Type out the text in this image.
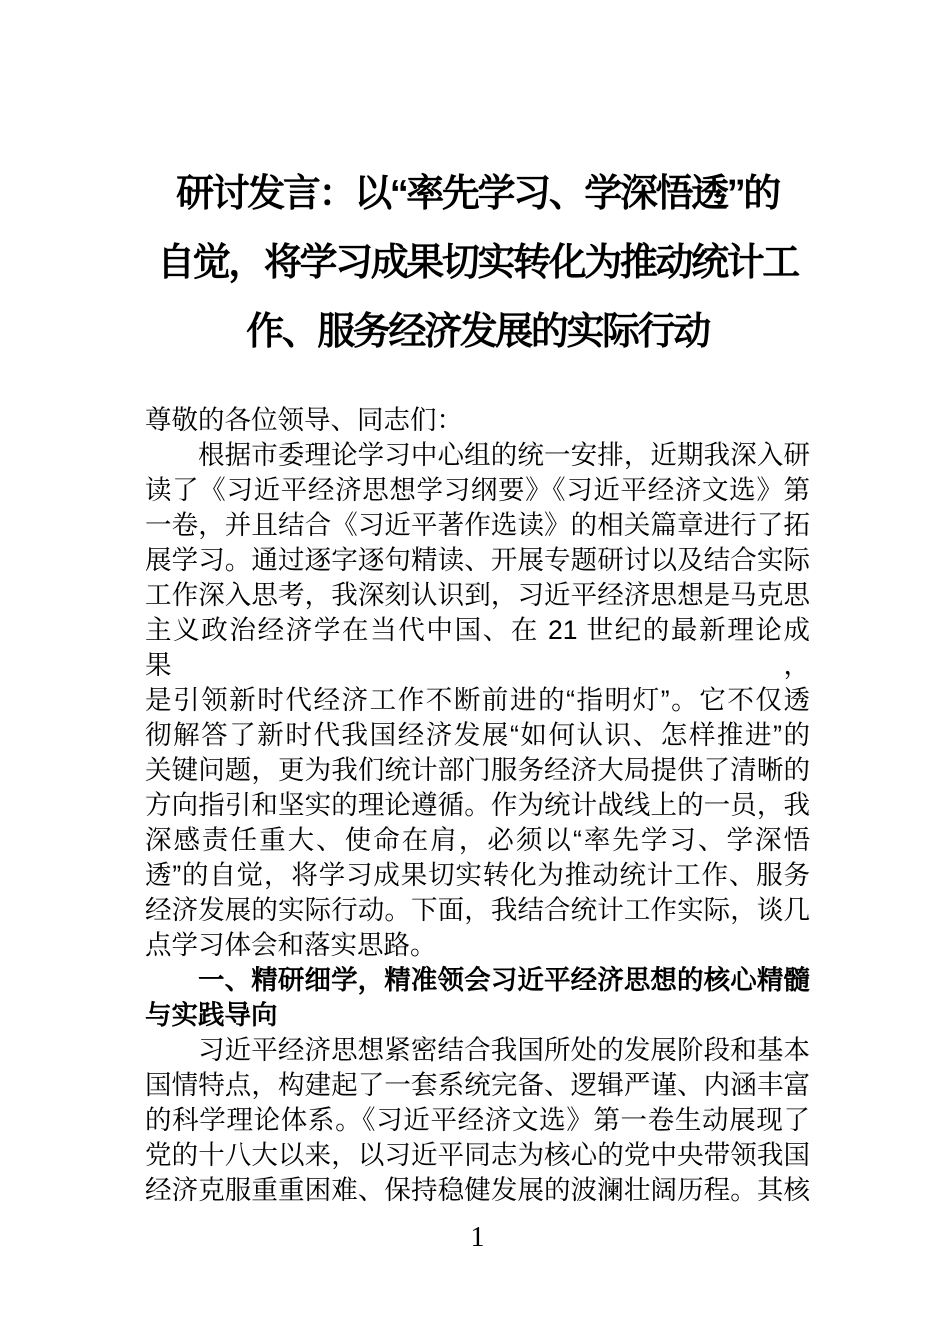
研讨发言：以“率先学习、学深悟透”的
自觉，将学习成果切实转化为推动统计工
作、服务经济发展的实际行动
尊敬的各位领导、同志们：
根据市委理论学习中心组的统一安排，近期我深入研
读了《习近平经济思想学习纲要》《习近平经济文选》第
一卷，并且结合《习近平著作选读》的相关篇章进行了拓
展学习。通过逐字逐句精读、开展专题研讨以及结合实际
工作深入思考，我深刻认识到，习近平经济思想是马克思
主义政治经济学在当代中国、在 21 世纪的最新理论成果，
是引领新时代经济工作不断前进的“指明灯”。它不仅透
彻解答了新时代我国经济发展“如何认识、怎样推进”的
关键问题，更为我们统计部门服务经济大局提供了清晰的
方向指引和坚实的理论遵循。作为统计战线上的一员，我
深感责任重大、使命在肩，必须以“率先学习、学深悟
透”的自觉，将学习成果切实转化为推动统计工作、服务
经济发展的实际行动。下面，我结合统计工作实际，谈几
点学习体会和落实思路。
一、精研细学，精准领会习近平经济思想的核心精髓
与实践导向
习近平经济思想紧密结合我国所处的发展阶段和基本
国情特点，构建起了一套系统完备、逻辑严谨、内涵丰富
的科学理论体系。《习近平经济文选》第一卷生动展现了
党的十八大以来，以习近平同志为核心的党中央带领我国
经济克服重重困难、保持稳健发展的波澜壮阔历程。其核
1
